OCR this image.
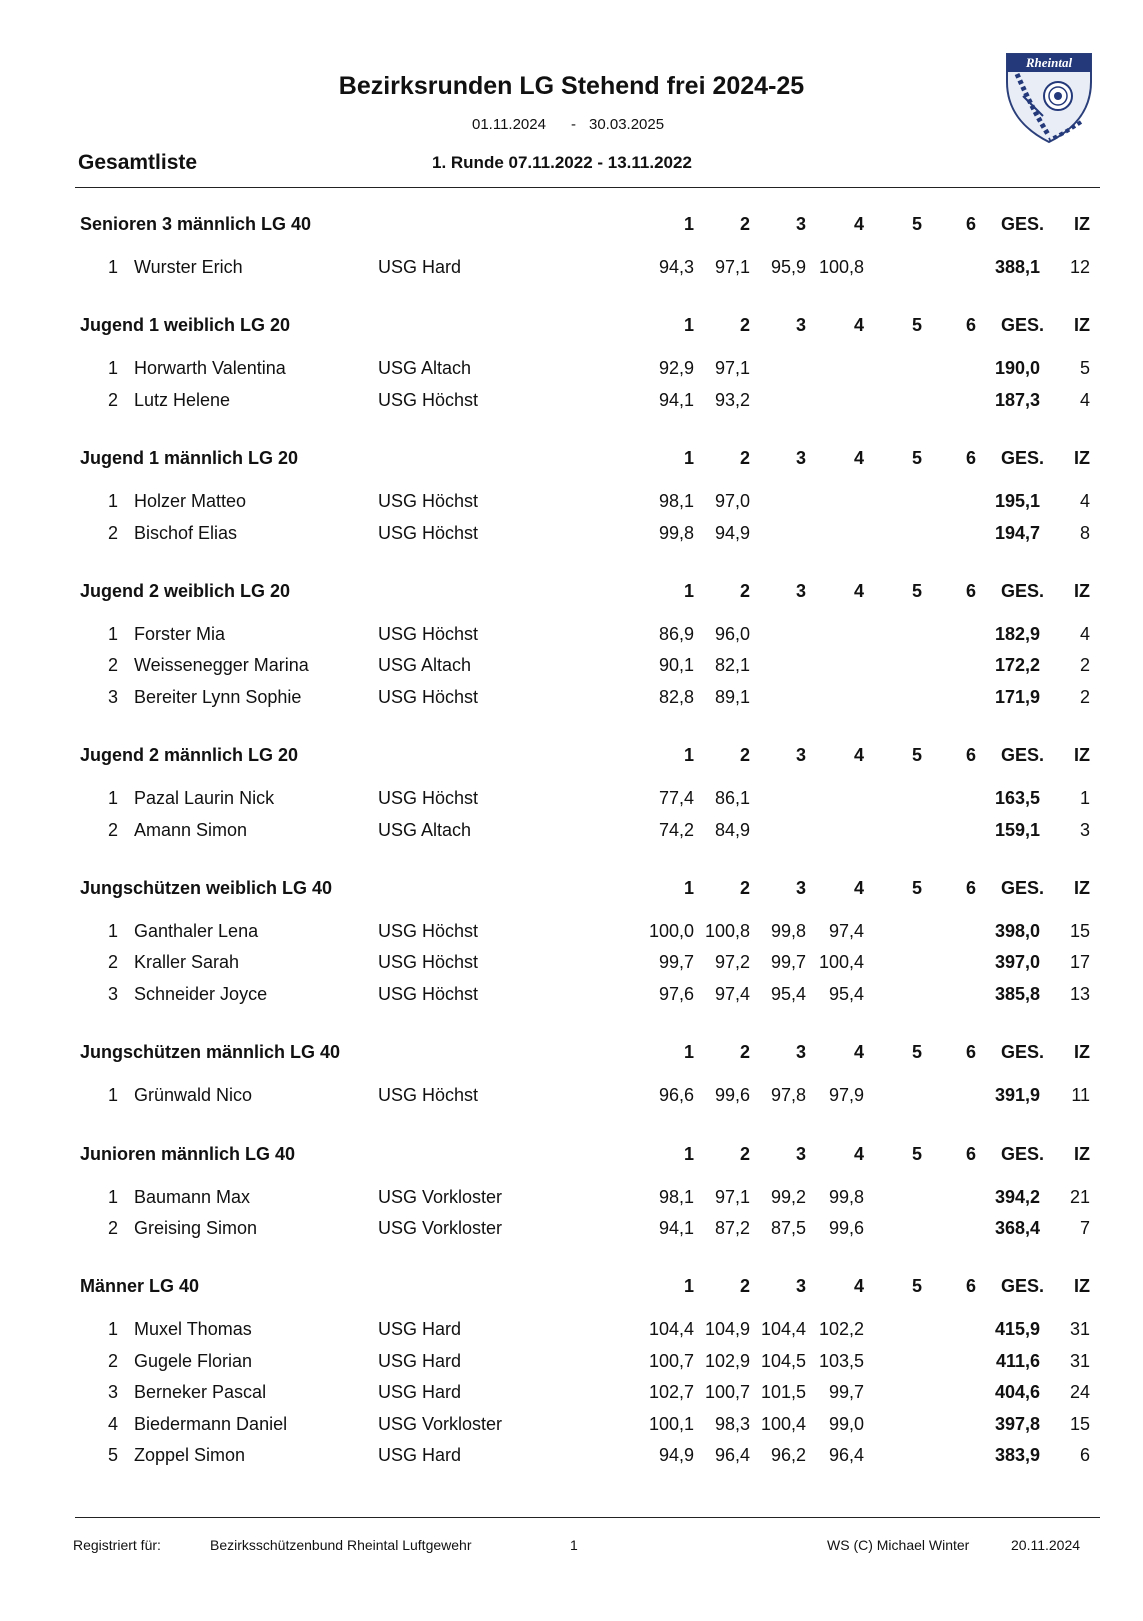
Bezirksrunden LG Stehend frei 2024-25
01.11.2024 - 30.03.2025
Gesamtliste	1. Runde 07.11.2022 - 13.11.2022
Rheintal
Senioren 3 männlich LG 40	1	2	3	4	5	6	GES.	IZ
1 Wurster Erich	USG Hard	94,3	97,1	95,9 100,8	388,1	12
Jugend 1 weiblich LG 20	1	2	3	4	5	6	GES.	IZ
1 Horwarth Valentina	USG Altach	92,9	97,1	190,0	5
2 Lutz Helene	USG Höchst	94,1	93,2	187,3	4
Jugend 1 männlich LG 20	1	2	3	4	5	6	GES.	IZ
1 Holzer Matteo	USG Höchst	98,1	97,0	195,1	4
2 Bischof Elias	USG Höchst	99,8	94,9	194,7	8
Jugend 2 weiblich LG 20	1	2	3	4	5	6	GES.	IZ
1 Forster Mia	USG Höchst	86,9	96,0	182,9	4
2 Weissenegger Marina	USG Altach	90,1	82,1	172,2	2
3 Bereiter Lynn Sophie	USG Höchst	82,8	89,1	171,9	2
Jugend 2 männlich LG 20	1	2	3	4	5	6	GES.	IZ
1 Pazal Laurin Nick	USG Höchst	77,4	86,1	163,5	1
2 Amann Simon	USG Altach	74,2	84,9	159,1	3
Jungschützen weiblich LG 40	1	2	3	4	5	6	GES.	IZ
1 Ganthaler Lena	USG Höchst	100,0 100,8	99,8	97,4	398,0	15
2 Kraller Sarah	USG Höchst	99,7	97,2	99,7 100,4	397,0	17
3 Schneider Joyce	USG Höchst	97,6	97,4	95,4	95,4	385,8	13
Jungschützen männlich LG 40	1	2	3	4	5	6	GES.	IZ
1 Grünwald Nico	USG Höchst	96,6	99,6	97,8	97,9	391,9	11
Junioren männlich LG 40	1	2	3	4	5	6	GES.	IZ
1 Baumann Max	USG Vorkloster	98,1	97,1	99,2	99,8	394,2	21
2 Greising Simon	USG Vorkloster	94,1	87,2	87,5	99,6	368,4	7
Männer LG 40	1	2	3	4	5	6	GES.	IZ
1 Muxel Thomas	USG Hard	104,4 104,9 104,4 102,2	415,9	31
2 Gugele Florian	USG Hard	100,7 102,9 104,5 103,5	411,6	31
3 Berneker Pascal	USG Hard	102,7 100,7 101,5	99,7	404,6	24
4 Biedermann Daniel	USG Vorkloster	100,1	98,3 100,4	99,0	397,8	15
5 Zoppel Simon	USG Hard	94,9	96,4	96,2	96,4	383,9	6
Registriert für:	Bezirksschützenbund Rheintal Luftgewehr	1	WS (C) Michael Winter	20.11.2024
